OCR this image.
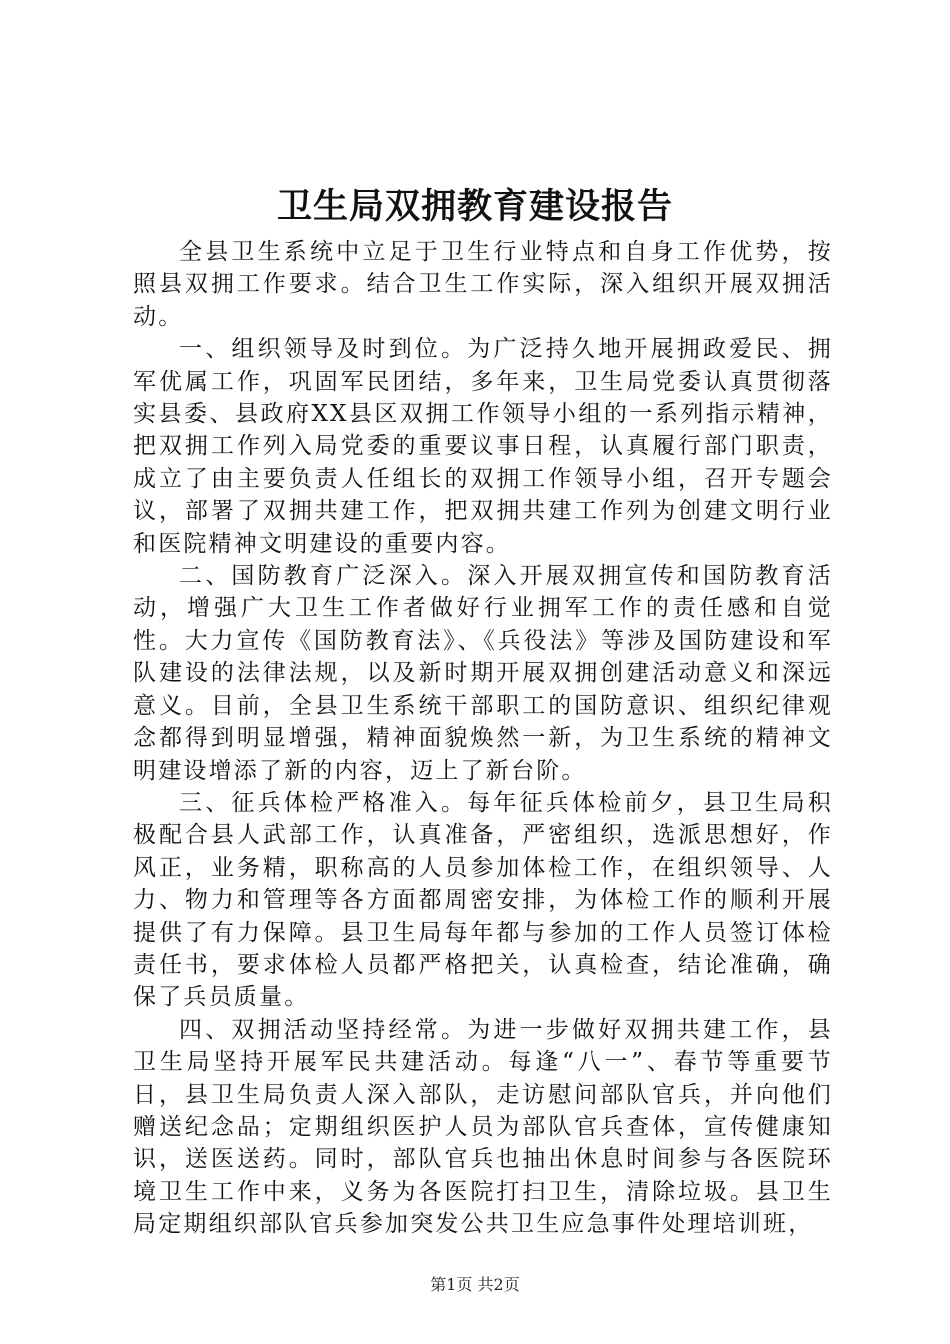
卫生局双拥教育建设报告

全县卫生系统中立足于卫生行业特点和自身工作优势，按照县双拥工作要求。结合卫生工作实际，深入组织开展双拥活动。

一、组织领导及时到位。为广泛持久地开展拥政爱民、拥军优属工作，巩固军民团结，多年来，卫生局党委认真贯彻落实县委、县政府XX县区双拥工作领导小组的一系列指示精神，把双拥工作列入局党委的重要议事日程，认真履行部门职责，成立了由主要负责人任组长的双拥工作领导小组，召开专题会议，部署了双拥共建工作，把双拥共建工作列为创建文明行业和医院精神文明建设的重要内容。

二、国防教育广泛深入。深入开展双拥宣传和国防教育活动，增强广大卫生工作者做好行业拥军工作的责任感和自觉性。大力宣传《国防教育法》、《兵役法》等涉及国防建设和军队建设的法律法规，以及新时期开展双拥创建活动意义和深远意义。目前，全县卫生系统干部职工的国防意识、组织纪律观念都得到明显增强，精神面貌焕然一新，为卫生系统的精神文明建设增添了新的内容，迈上了新台阶。

三、征兵体检严格准入。每年征兵体检前夕，县卫生局积极配合县人武部工作，认真准备，严密组织，选派思想好，作风正，业务精，职称高的人员参加体检工作，在组织领导、人力、物力和管理等各方面都周密安排，为体检工作的顺利开展提供了有力保障。县卫生局每年都与参加的工作人员签订体检责任书，要求体检人员都严格把关，认真检查，结论准确，确保了兵员质量。

四、双拥活动坚持经常。为进一步做好双拥共建工作，县卫生局坚持开展军民共建活动。每逢“八一”、春节等重要节日，县卫生局负责人深入部队，走访慰问部队官兵，并向他们赠送纪念品；定期组织医护人员为部队官兵查体，宣传健康知识，送医送药。同时，部队官兵也抽出休息时间参与各医院环境卫生工作中来，义务为各医院打扫卫生，清除垃圾。县卫生局定期组织部队官兵参加突发公共卫生应急事件处理培训班，

第1页 共2页
